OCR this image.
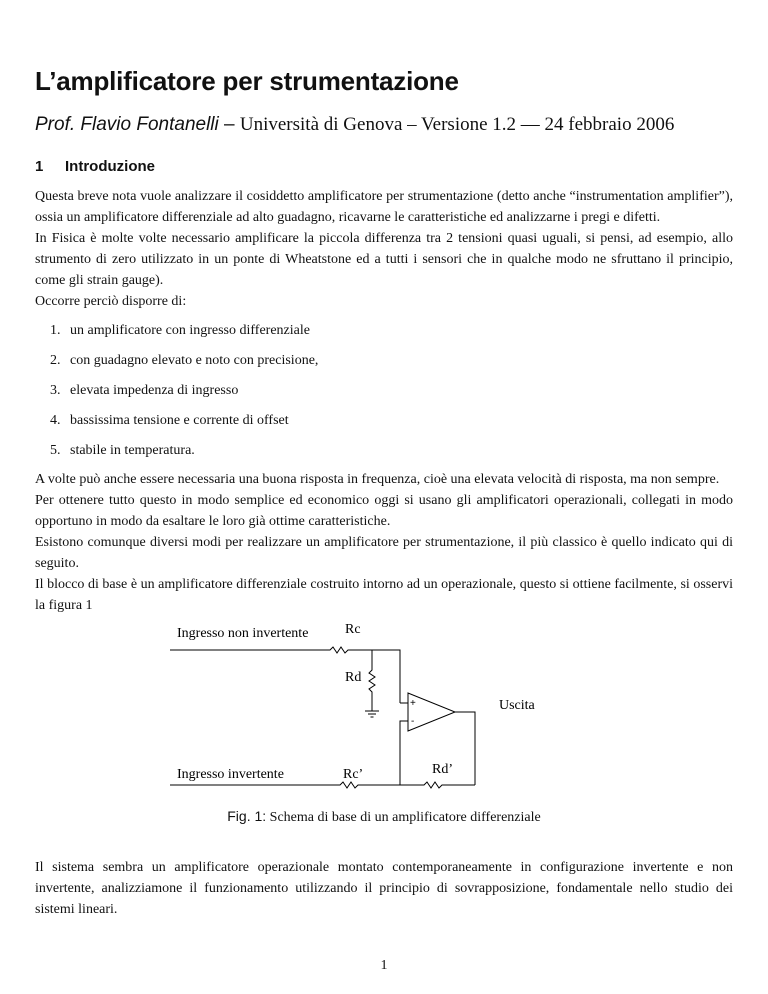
L’amplificatore per strumentazione
Prof. Flavio Fontanelli – Università di Genova – Versione 1.2 — 24 febbraio 2006
1 Introduzione

Questa breve nota vuole analizzare il cosiddetto amplificatore per strumentazione (detto anche “instrumentation amplifier”), ossia un amplificatore differenziale ad alto guadagno, ricavarne le caratteristiche ed analizzarne i pregi e difetti.

In Fisica è molte volte necessario amplificare la piccola differenza tra 2 tensioni quasi uguali, si pensi, ad esempio, allo strumento di zero utilizzato in un ponte di Wheatstone ed a tutti i sensori che in qualche modo ne sfruttano il principio, come gli strain gauge).

Occorre perciò disporre di:

1. un amplificatore con ingresso differenziale
2. con guadagno elevato e noto con precisione,
3. elevata impedenza di ingresso
4. bassissima tensione e corrente di offset
5. stabile in temperatura.

A volte può anche essere necessaria una buona risposta in frequenza, cioè una elevata velocità di risposta, ma non sempre.

Per ottenere tutto questo in modo semplice ed economico oggi si usano gli amplificatori operazionali, collegati in modo opportuno in modo da esaltare le loro già ottime caratteristiche.

Esistono comunque diversi modi per realizzare un amplificatore per strumentazione, il più classico è quello indicato qui di seguito.

Il blocco di base è un amplificatore differenziale costruito intorno ad un operazionale, questo si ottiene facilmente, si osservi la figura 1

Ingresso non invertente	Rc
Rd
Uscita
Ingresso invertente	Rc’	Rd’
+
-
Fig. 1: Schema di base di un amplificatore differenziale

Il sistema sembra un amplificatore operazionale montato contemporaneamente in configurazione invertente e non invertente, analizziamone il funzionamento utilizzando il principio di sovrapposizione, fondamentale nello studio dei sistemi lineari.

1
